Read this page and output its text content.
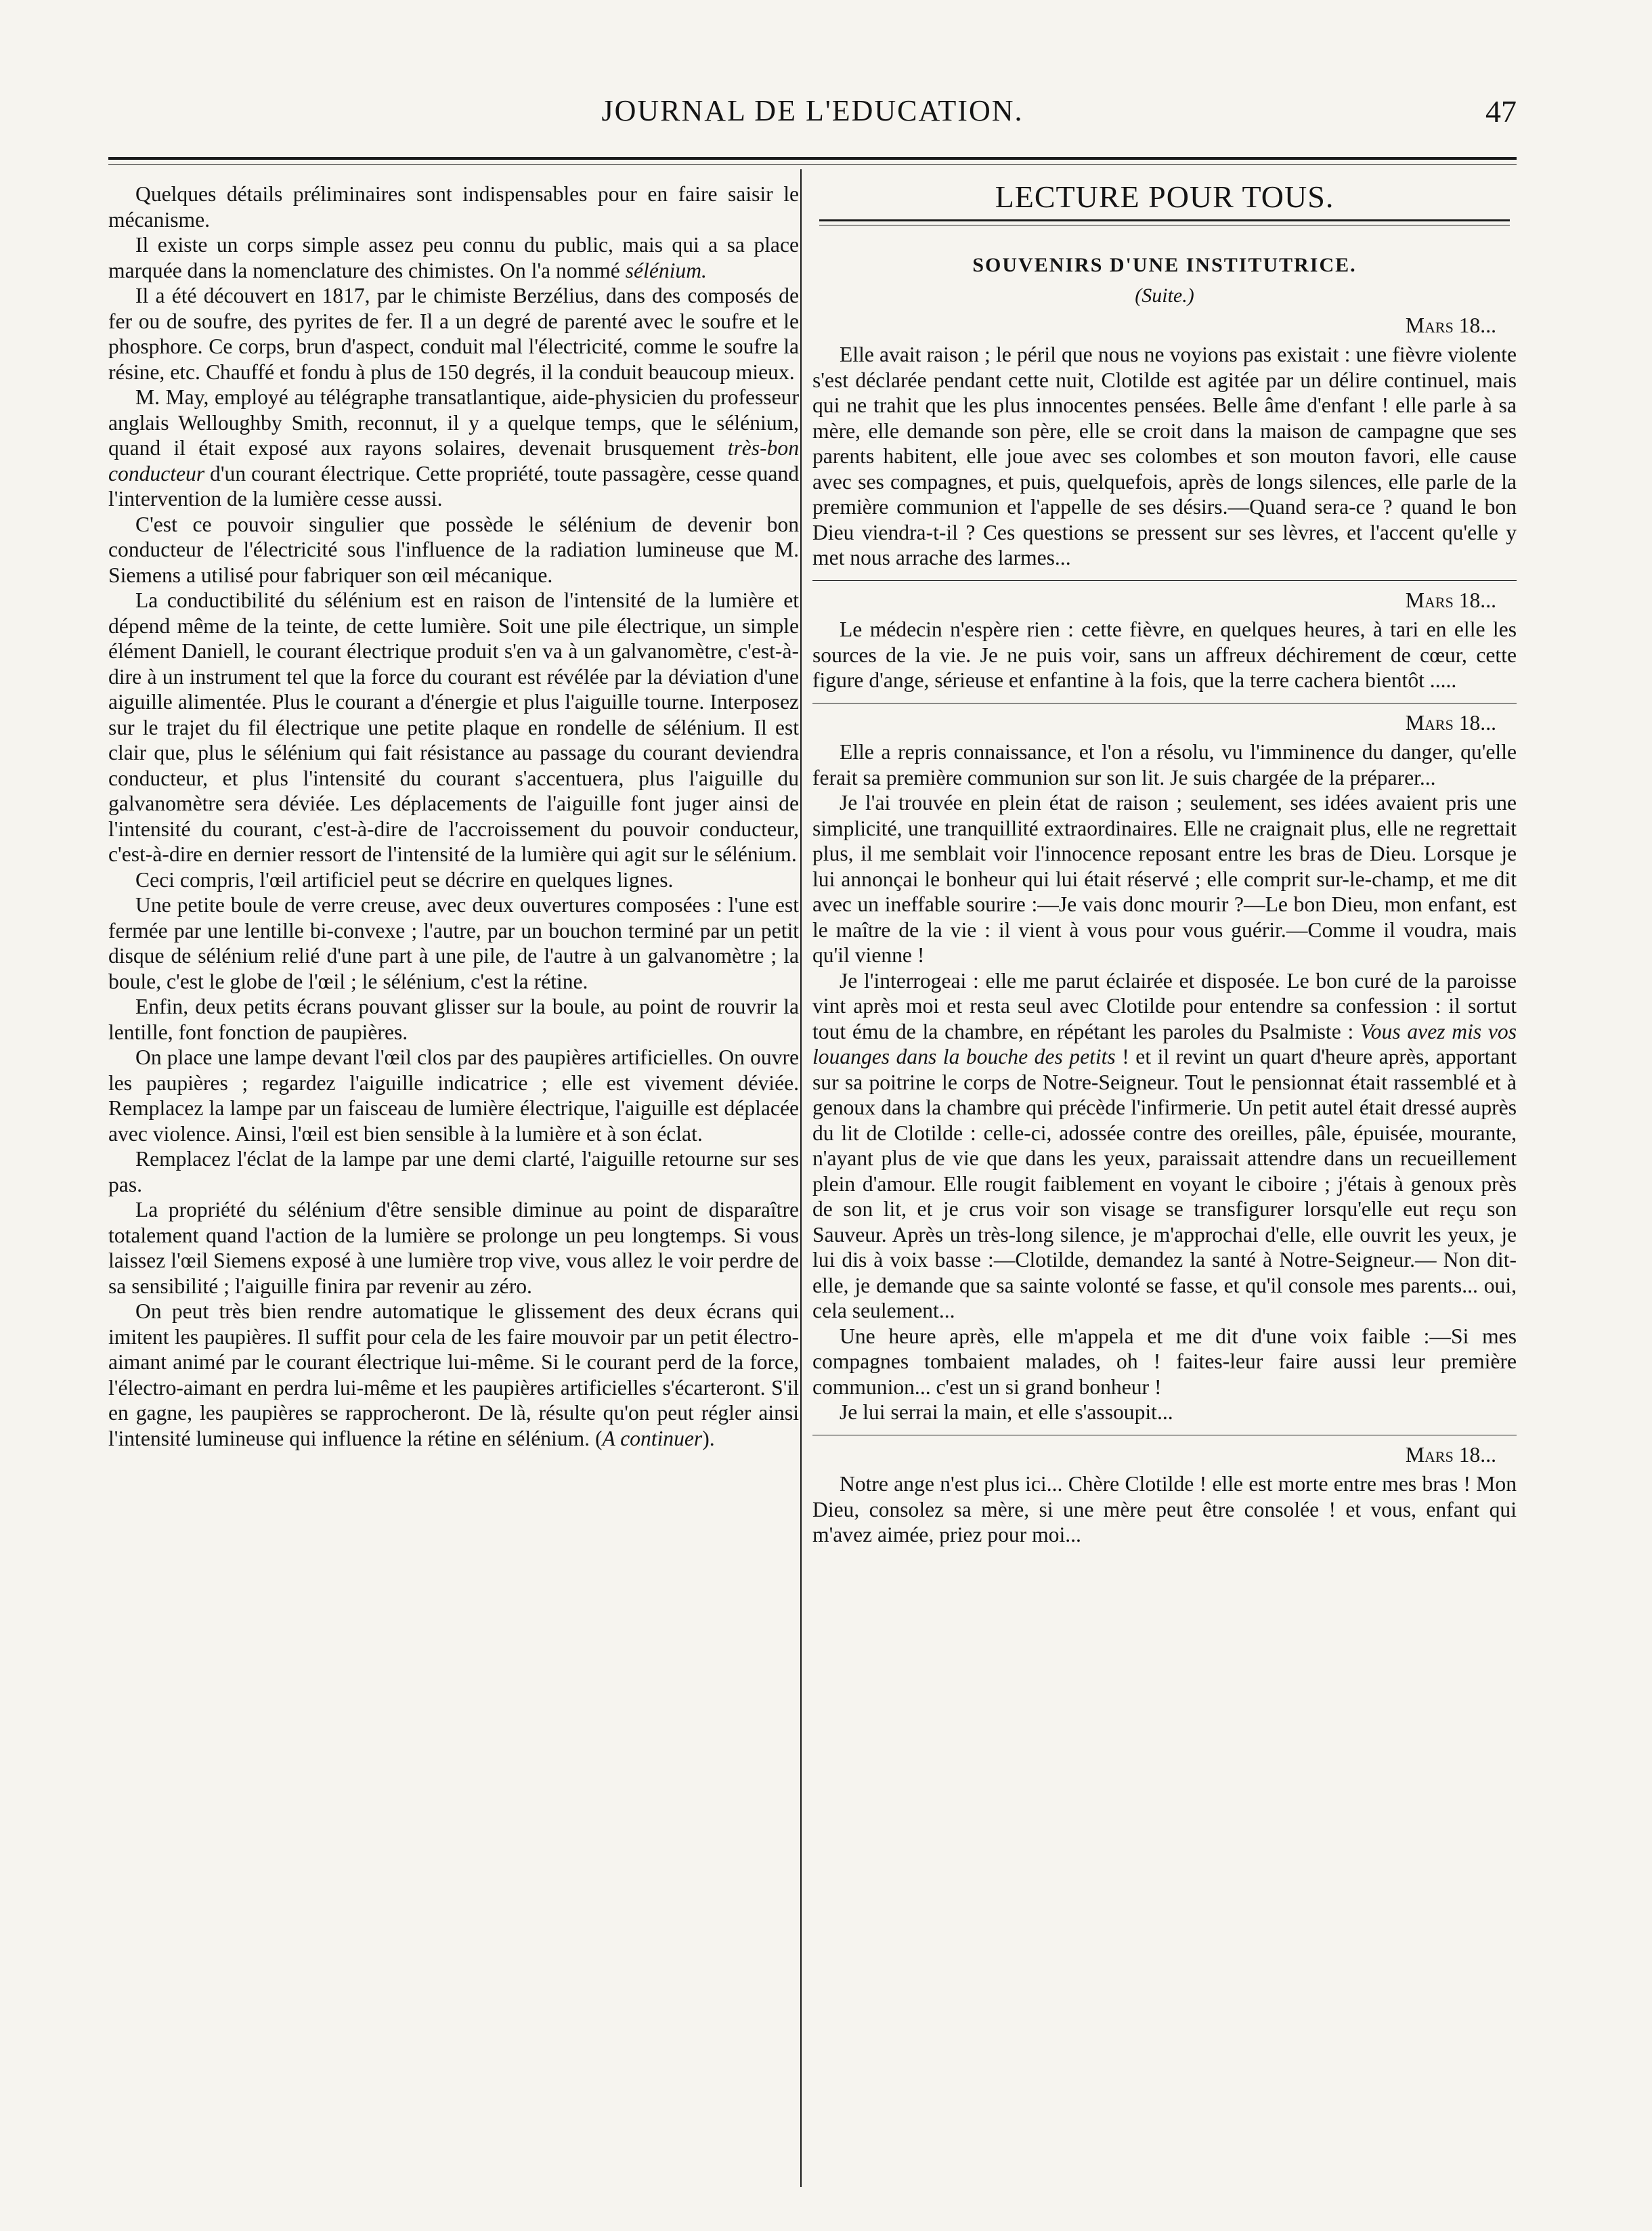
JOURNAL DE L'EDUCATION.	47

Quelques détails préliminaires sont indispensables pour en faire saisir le mécanisme.

Il existe un corps simple assez peu connu du public, mais qui a sa place marquée dans la nomenclature des chimistes. On l'a nommé sélénium.

Il a été découvert en 1817, par le chimiste Berzélius, dans des composés de fer ou de soufre, des pyrites de fer. Il a un degré de parenté avec le soufre et le phosphore. Ce corps, brun d'aspect, conduit mal l'électricité, comme le soufre la résine, etc. Chauffé et fondu à plus de 150 degrés, il la conduit beaucoup mieux.

M. May, employé au télégraphe transatlantique, aide-physicien du professeur anglais Welloughby Smith, reconnut, il y a quelque temps, que le sélénium, quand il était exposé aux rayons solaires, devenait brusquement très-bon conducteur d'un courant électrique. Cette propriété, toute passagère, cesse quand l'intervention de la lumière cesse aussi.

C'est ce pouvoir singulier que possède le sélénium de devenir bon conducteur de l'électricité sous l'influence de la radiation lumineuse que M. Siemens a utilisé pour fabriquer son œil mécanique.

La conductibilité du sélénium est en raison de l'intensité de la lumière et dépend même de la teinte, de cette lumière. Soit une pile électrique, un simple élément Daniell, le courant électrique produit s'en va à un galvanomètre, c'est-à-dire à un instrument tel que la force du courant est révélée par la déviation d'une aiguille alimentée. Plus le courant a d'énergie et plus l'aiguille tourne. Interposez sur le trajet du fil électrique une petite plaque en rondelle de sélénium. Il est clair que, plus le sélénium qui fait résistance au passage du courant deviendra conducteur, et plus l'intensité du courant s'accentuera, plus l'aiguille du galvanomètre sera déviée. Les déplacements de l'aiguille font juger ainsi de l'intensité du courant, c'est-à-dire de l'accroissement du pouvoir conducteur, c'est-à-dire en dernier ressort de l'intensité de la lumière qui agit sur le sélénium.

Ceci compris, l'œil artificiel peut se décrire en quelques lignes.

Une petite boule de verre creuse, avec deux ouvertures composées : l'une est fermée par une lentille bi-convexe ; l'autre, par un bouchon terminé par un petit disque de sélénium relié d'une part à une pile, de l'autre à un galvanomètre ; la boule, c'est le globe de l'œil ; le sélénium, c'est la rétine.

Enfin, deux petits écrans pouvant glisser sur la boule, au point de rouvrir la lentille, font fonction de paupières.

On place une lampe devant l'œil clos par des paupières artificielles. On ouvre les paupières ; regardez l'aiguille indicatrice ; elle est vivement déviée. Remplacez la lampe par un faisceau de lumière électrique, l'aiguille est déplacée avec violence. Ainsi, l'œil est bien sensible à la lumière et à son éclat.

Remplacez l'éclat de la lampe par une demi clarté, l'aiguille retourne sur ses pas.

La propriété du sélénium d'être sensible diminue au point de disparaître totalement quand l'action de la lumière se prolonge un peu longtemps. Si vous laissez l'œil Siemens exposé à une lumière trop vive, vous allez le voir perdre de sa sensibilité ; l'aiguille finira par revenir au zéro.

On peut très bien rendre automatique le glissement des deux écrans qui imitent les paupières. Il suffit pour cela de les faire mouvoir par un petit électro-aimant animé par le courant électrique lui-même. Si le courant perd de la force, l'électro-aimant en perdra lui-même et les paupières artificielles s'écarteront. S'il en gagne, les paupières se rapprocheront. De là, résulte qu'on peut régler ainsi l'intensité lumineuse qui influence la rétine en sélénium. (A continuer).

LECTURE POUR TOUS.
SOUVENIRS D'UNE INSTITUTRICE.
(Suite.)
Mars 18...

Elle avait raison ; le péril que nous ne voyions pas existait : une fièvre violente s'est déclarée pendant cette nuit, Clotilde est agitée par un délire continuel, mais qui ne trahit que les plus innocentes pensées. Belle âme d'enfant ! elle parle à sa mère, elle demande son père, elle se croit dans la maison de campagne que ses parents habitent, elle joue avec ses colombes et son mouton favori, elle cause avec ses compagnes, et puis, quelquefois, après de longs silences, elle parle de la première communion et l'appelle de ses désirs.—Quand sera-ce ? quand le bon Dieu viendra-t-il ? Ces questions se pressent sur ses lèvres, et l'accent qu'elle y met nous arrache des larmes...

Mars 18...

Le médecin n'espère rien : cette fièvre, en quelques heures, à tari en elle les sources de la vie. Je ne puis voir, sans un affreux déchirement de cœur, cette figure d'ange, sérieuse et enfantine à la fois, que la terre cachera bientôt .....

Mars 18...

Elle a repris connaissance, et l'on a résolu, vu l'imminence du danger, qu'elle ferait sa première communion sur son lit. Je suis chargée de la préparer...

Je l'ai trouvée en plein état de raison ; seulement, ses idées avaient pris une simplicité, une tranquillité extraordinaires. Elle ne craignait plus, elle ne regrettait plus, il me semblait voir l'innocence reposant entre les bras de Dieu. Lorsque je lui annonçai le bonheur qui lui était réservé ; elle comprit sur-le-champ, et me dit avec un ineffable sourire :—Je vais donc mourir ?—Le bon Dieu, mon enfant, est le maître de la vie : il vient à vous pour vous guérir.—Comme il voudra, mais qu'il vienne !

Je l'interrogeai : elle me parut éclairée et disposée. Le bon curé de la paroisse vint après moi et resta seul avec Clotilde pour entendre sa confession : il sortut tout ému de la chambre, en répétant les paroles du Psalmiste : Vous avez mis vos louanges dans la bouche des petits ! et il revint un quart d'heure après, apportant sur sa poitrine le corps de Notre-Seigneur. Tout le pensionnat était rassemblé et à genoux dans la chambre qui précède l'infirmerie. Un petit autel était dressé auprès du lit de Clotilde : celle-ci, adossée contre des oreilles, pâle, épuisée, mourante, n'ayant plus de vie que dans les yeux, paraissait attendre dans un recueillement plein d'amour. Elle rougit faiblement en voyant le ciboire ; j'étais à genoux près de son lit, et je crus voir son visage se transfigurer lorsqu'elle eut reçu son Sauveur. Après un très-long silence, je m'approchai d'elle, elle ouvrit les yeux, je lui dis à voix basse :—Clotilde, demandez la santé à Notre-Seigneur.— Non dit-elle, je demande que sa sainte volonté se fasse, et qu'il console mes parents... oui, cela seulement...

Une heure après, elle m'appela et me dit d'une voix faible :—Si mes compagnes tombaient malades, oh ! faites-leur faire aussi leur première communion... c'est un si grand bonheur !

Je lui serrai la main, et elle s'assoupit...

Mars 18...

Notre ange n'est plus ici... Chère Clotilde ! elle est morte entre mes bras ! Mon Dieu, consolez sa mère, si une mère peut être consolée ! et vous, enfant qui m'avez aimée, priez pour moi...
